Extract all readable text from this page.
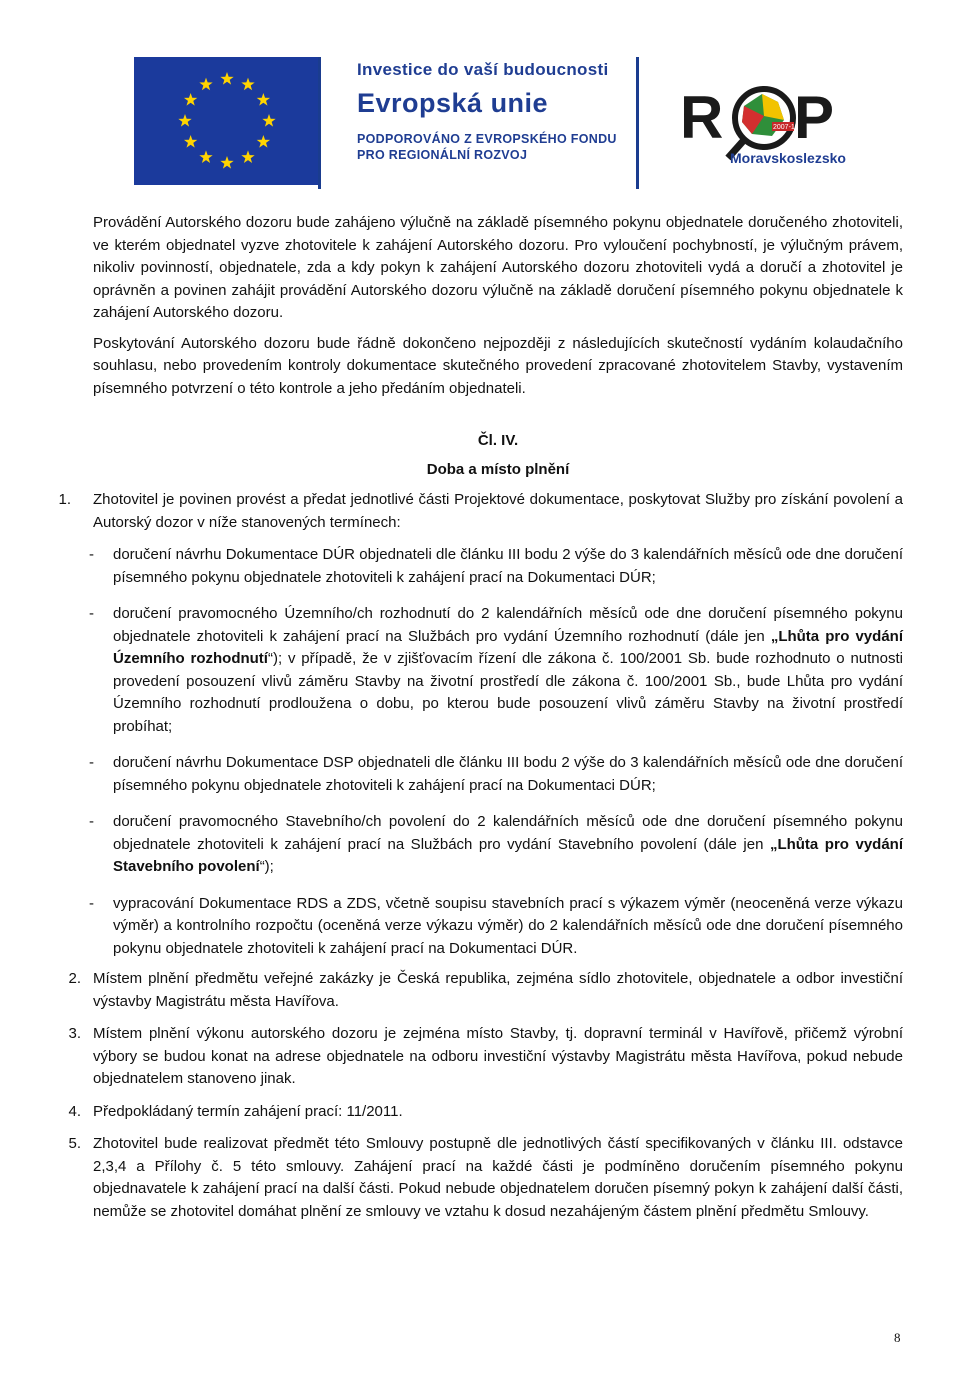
Investice do vaší budoucnosti
Evropská unie
PODPOROVÁNO Z EVROPSKÉHO FONDU
PRO REGIONÁLNÍ ROZVOJ
R	2007-13
P
Moravskoslezsko

Provádění Autorského dozoru bude zahájeno výlučně na základě písemného pokynu objednatele doručeného zhotoviteli, ve kterém objednatel vyzve zhotovitele k zahájení Autorského dozoru. Pro vyloučení pochybností, je výlučným právem, nikoliv povinností, objednatele, zda a kdy pokyn k zahájení Autorského dozoru zhotoviteli vydá a doručí a zhotovitel je oprávněn a povinen zahájit provádění Autorského dozoru výlučně na základě doručení písemného pokynu objednatele k zahájení Autorského dozoru.

Poskytování Autorského dozoru bude řádně dokončeno nejpozději z následujících skutečností vydáním kolaudačního souhlasu, nebo provedením kontroly dokumentace skutečného provedení zpracované zhotovitelem Stavby, vystavením písemného potvrzení o této kontrole a jeho předáním objednateli.

Čl. IV.
Doba a místo plnění
1. Zhotovitel je povinen provést a předat jednotlivé části Projektové dokumentace, poskytovat Služby pro získání povolení a Autorský dozor v níže stanovených termínech:

- doručení návrhu Dokumentace DÚR objednateli dle článku III bodu 2 výše do 3 kalendářních měsíců ode dne doručení písemného pokynu objednatele zhotoviteli k zahájení prací na Dokumentaci DÚR;

- doručení pravomocného Územního/ch rozhodnutí do 2 kalendářních měsíců ode dne doručení písemného pokynu objednatele zhotoviteli k zahájení prací na Službách pro vydání Územního rozhodnutí (dále jen „Lhůta pro vydání Územního rozhodnutí“); v případě, že v zjišťovacím řízení dle zákona č. 100/2001 Sb. bude rozhodnuto o nutnosti provedení posouzení vlivů záměru Stavby na životní prostředí dle zákona č. 100/2001 Sb., bude Lhůta pro vydání Územního rozhodnutí prodloužena o dobu, po kterou bude posouzení vlivů záměru Stavby na životní prostředí probíhat;

- doručení návrhu Dokumentace DSP objednateli dle článku III bodu 2 výše do 3 kalendářních měsíců ode dne doručení písemného pokynu objednatele zhotoviteli k zahájení prací na Dokumentaci DÚR;

- doručení pravomocného Stavebního/ch povolení do 2 kalendářních měsíců ode dne doručení písemného pokynu objednatele zhotoviteli k zahájení prací na Službách pro vydání Stavebního povolení (dále jen „Lhůta pro vydání Stavebního povolení“);

- vypracování Dokumentace RDS a ZDS, včetně soupisu stavebních prací s výkazem výměr (neoceněná verze výkazu výměr) a kontrolního rozpočtu (oceněná verze výkazu výměr) do 2 kalendářních měsíců ode dne doručení písemného pokynu objednatele zhotoviteli k zahájení prací na Dokumentaci DÚR.

2. Místem plnění předmětu veřejné zakázky je Česká republika, zejména sídlo zhotovitele, objednatele a odbor investiční výstavby Magistrátu města Havířova.

3. Místem plnění výkonu autorského dozoru je zejména místo Stavby, tj. dopravní terminál v Havířově, přičemž výrobní výbory se budou konat na adrese objednatele na odboru investiční výstavby Magistrátu města Havířova, pokud nebude objednatelem stanoveno jinak.

4. Předpokládaný termín zahájení prací: 11/2011.

5. Zhotovitel bude realizovat předmět této Smlouvy postupně dle jednotlivých částí specifikovaných v článku III. odstavce 2,3,4 a Přílohy č. 5 této smlouvy. Zahájení prací na každé části je podmíněno doručením písemného pokynu objednavatele k zahájení prací na další části. Pokud nebude objednatelem doručen písemný pokyn k zahájení další části, nemůže se zhotovitel domáhat plnění ze smlouvy ve vztahu k dosud nezahájeným částem plnění předmětu Smlouvy.

8
